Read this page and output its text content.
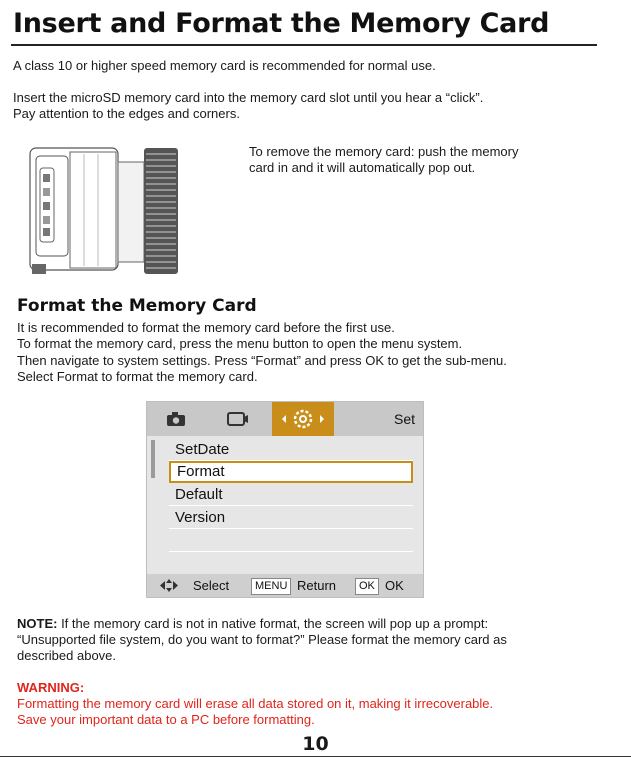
Insert and Format the Memory Card
A class 10 or higher speed memory card is recommended for normal use.
Insert the microSD memory card into the memory card slot until you hear a “click”.
Pay attention to the edges and corners.
To remove the memory card: push the memory
card in and it will automatically pop out.
Format the Memory Card
It is recommended to format the memory card before the first use.
To format the memory card, press the menu button to open the menu system.
Then navigate to system settings. Press “Format” and press OK to get the sub-menu.
Select Format to format the memory card.
Set
SetDate
Format
Default
Version
Select	MENU Return	OK OK
NOTE: If the memory card is not in native format, the screen will pop up a prompt:
“Unsupported file system, do you want to format?” Please format the memory card as
described above.
WARNING:
Formatting the memory card will erase all data stored on it, making it irrecoverable.
Save your important data to a PC before formatting.
10
